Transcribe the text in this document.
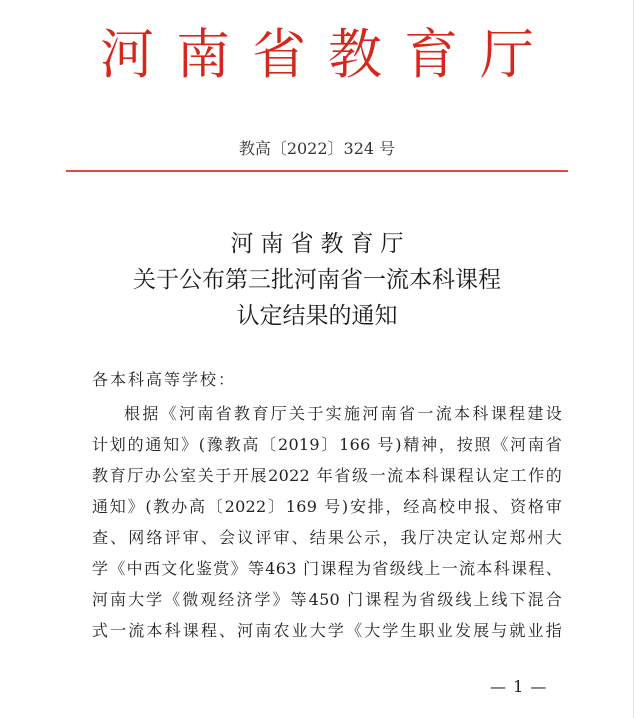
河南省教育厅
教高〔2022〕324 号
河南省教育厅
关于公布第三批河南省一流本科课程
认定结果的通知
各本科高等学校：
根据《河南省教育厅关于实施河南省一流本科课程建设
计划的通知》(豫教高〔2019〕166 号)精神，按照《河南省
教育厅办公室关于开展2022 年省级一流本科课程认定工作的
通知》(教办高〔2022〕169 号)安排，经高校申报、资格审
查、网络评审、会议评审、结果公示，我厅决定认定郑州大
学《中西文化鉴赏》等463 门课程为省级线上一流本科课程、
河南大学《微观经济学》等450 门课程为省级线上线下混合
式一流本科课程、河南农业大学《大学生职业发展与就业指
— 1 —
